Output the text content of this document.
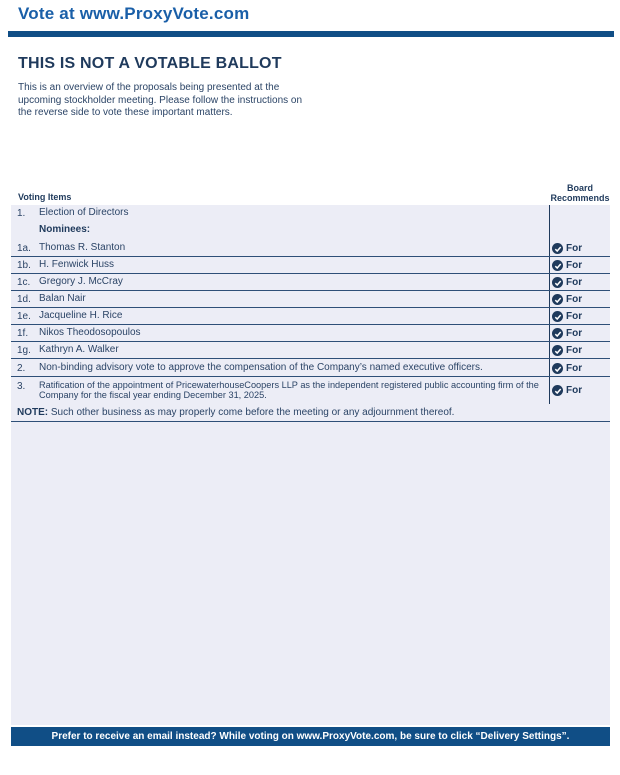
Vote at www.ProxyVote.com
THIS IS NOT A VOTABLE BALLOT
This is an overview of the proposals being presented at the
upcoming stockholder meeting. Please follow the instructions on
the reverse side to vote these important matters.
Voting Items
Board
Recommends
1. Election of Directors
Nominees:
1a. Thomas R. Stanton	For
1b. H. Fenwick Huss	For
1c. Gregory J. McCray	For
1d. Balan Nair	For
1e. Jacqueline H. Rice	For
1f. Nikos Theodosopoulos	For
1g. Kathryn A. Walker	For
2. Non-binding advisory vote to approve the compensation of the Company’s named executive officers.	For
3. Ratification of the appointment of PricewaterhouseCoopers LLP as the independent registered public accounting firm of the Company for the fiscal year ending December 31, 2025.	For
NOTE: Such other business as may properly come before the meeting or any adjournment thereof.
Prefer to receive an email instead? While voting on www.ProxyVote.com, be sure to click “Delivery Settings”.
